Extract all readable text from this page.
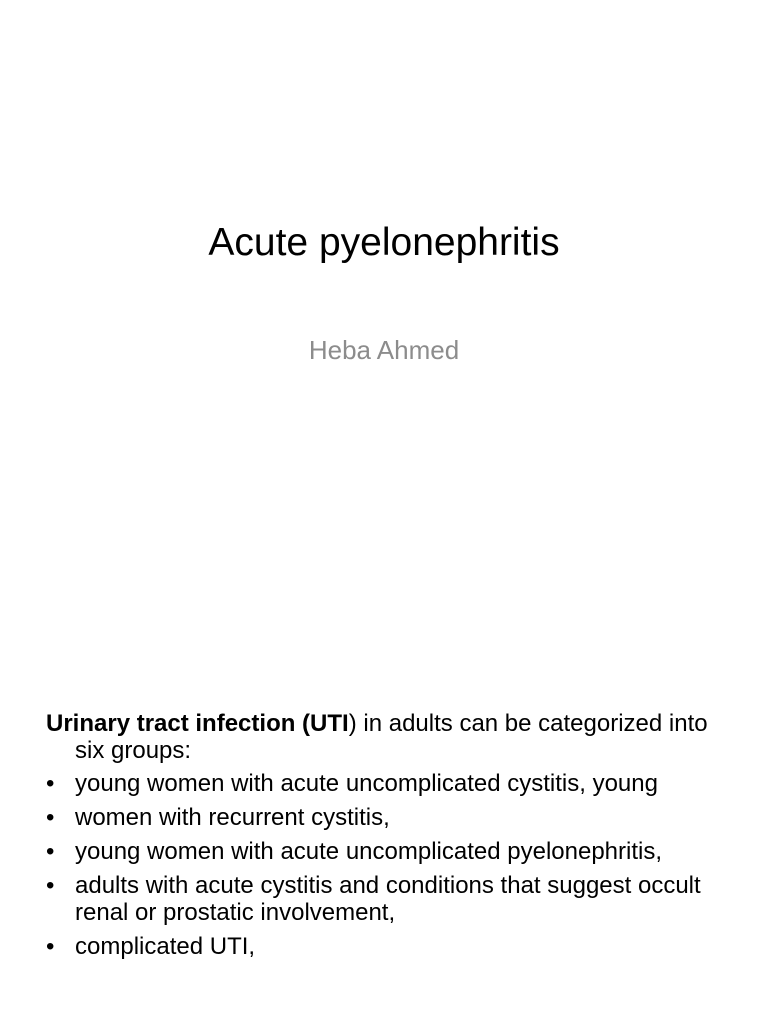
Acute pyelonephritis
Heba Ahmed

Urinary tract infection (UTI) in adults can be categorized into six groups:

• young women with acute uncomplicated cystitis, young
• women with recurrent cystitis,
• young women with acute uncomplicated pyelonephritis,
• adults with acute cystitis and conditions that suggest occult renal or prostatic involvement,
• complicated UTI,
